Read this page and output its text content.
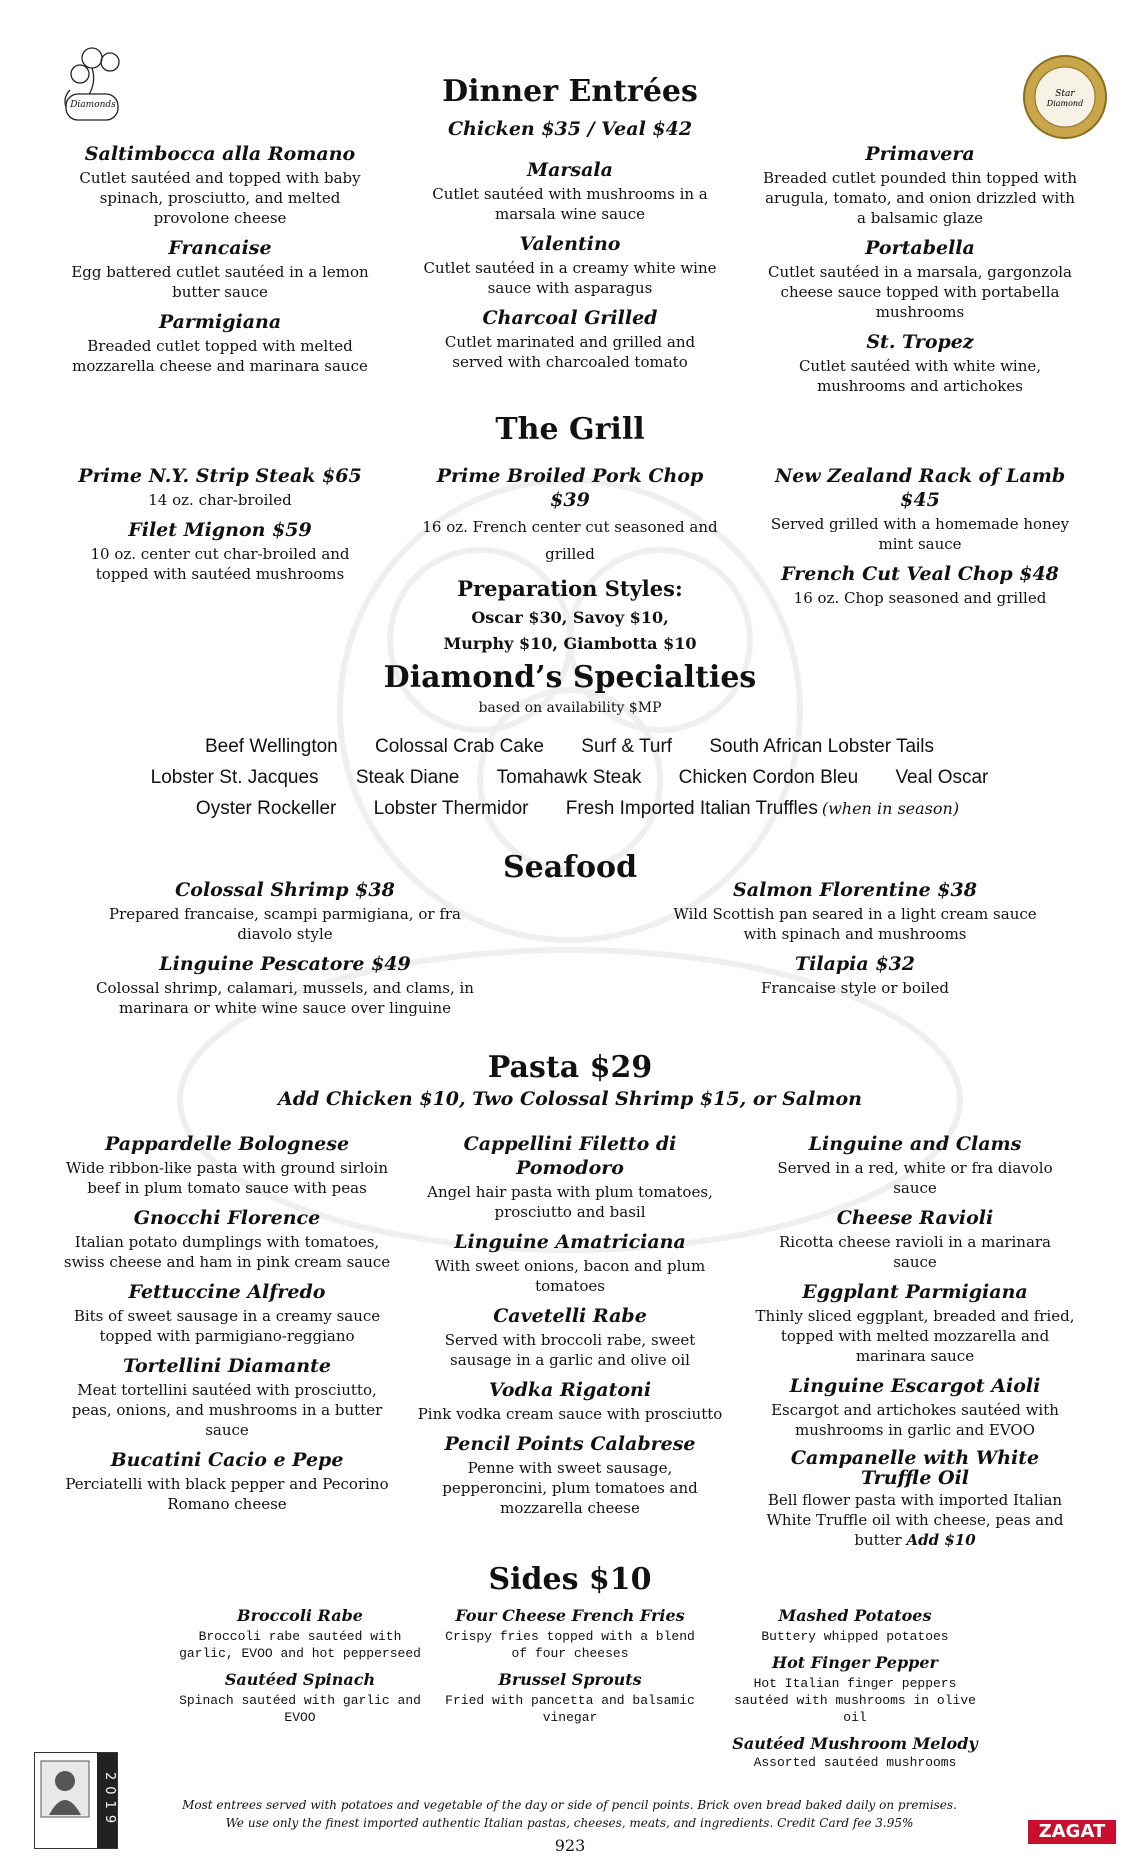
Diamonds
Star
Diamond
Dinner Entrées
Chicken $35 / Veal $42

Saltimbocca alla Romano

Cutlet sautéed and topped with baby spinach, prosciutto, and melted provolone cheese

Francaise

Egg battered cutlet sautéed in a lemon butter sauce

Parmigiana

Breaded cutlet topped with melted mozzarella cheese and marinara sauce

Marsala

Cutlet sautéed with mushrooms in a marsala wine sauce

Valentino

Cutlet sautéed in a creamy white wine sauce with asparagus

Charcoal Grilled

Cutlet marinated and grilled and served with charcoaled tomato

Primavera

Breaded cutlet pounded thin topped with arugula, tomato, and onion drizzled with a balsamic glaze

Portabella

Cutlet sautéed in a marsala, gargonzola cheese sauce topped with portabella mushrooms

St. Tropez

Cutlet sautéed with white wine, mushrooms and artichokes

The Grill

Prime N.Y. Strip Steak $65

14 oz. char-broiled

Filet Mignon $59

10 oz. center cut char-broiled and topped with sautéed mushrooms

Prime Broiled Pork Chop $39

16 oz. French center cut seasoned and grilled

Preparation Styles:

Oscar $30, Savoy $10,

Murphy $10, Giambotta $10

New Zealand Rack of Lamb $45

Served grilled with a homemade honey mint sauce

French Cut Veal Chop $48

16 oz. Chop seasoned and grilled

Diamond’s Specialties
based on availability $MP
Beef Wellington Colossal Crab Cake Surf & Turf South African Lobster Tails
Lobster St. Jacques Steak Diane Tomahawk Steak Chicken Cordon Bleu Veal Oscar
Oyster Rockeller Lobster Thermidor Fresh Imported Italian Truffles (when in season)
Seafood

Colossal Shrimp $38

Prepared francaise, scampi parmigiana, or fra diavolo style

Linguine Pescatore $49

Colossal shrimp, calamari, mussels, and clams, in marinara or white wine sauce over linguine

Salmon Florentine $38

Wild Scottish pan seared in a light cream sauce with spinach and mushrooms

Tilapia $32

Francaise style or boiled

Pasta $29
Add Chicken $10, Two Colossal Shrimp $15, or Salmon

Pappardelle Bolognese

Wide ribbon-like pasta with ground sirloin beef in plum tomato sauce with peas

Gnocchi Florence

Italian potato dumplings with tomatoes, swiss cheese and ham in pink cream sauce

Fettuccine Alfredo

Bits of sweet sausage in a creamy sauce topped with parmigiano-reggiano

Tortellini Diamante

Meat tortellini sautéed with prosciutto, peas, onions, and mushrooms in a butter sauce

Bucatini Cacio e Pepe

Perciatelli with black pepper and Pecorino Romano cheese

Cappellini Filetto di Pomodoro

Angel hair pasta with plum tomatoes, prosciutto and basil

Linguine Amatriciana

With sweet onions, bacon and plum tomatoes

Cavetelli Rabe

Served with broccoli rabe, sweet sausage in a garlic and olive oil

Vodka Rigatoni

Pink vodka cream sauce with prosciutto

Pencil Points Calabrese

Penne with sweet sausage, pepperoncini, plum tomatoes and mozzarella cheese

Linguine and Clams

Served in a red, white or fra diavolo sauce

Cheese Ravioli

Ricotta cheese ravioli in a marinara sauce

Eggplant Parmigiana

Thinly sliced eggplant, breaded and fried, topped with melted mozzarella and marinara sauce

Linguine Escargot Aioli

Escargot and artichokes sautéed with mushrooms in garlic and EVOO

Campanelle with White Truffle Oil

Bell flower pasta with imported Italian White Truffle oil with cheese, peas and butter Add $10

Sides $10

Broccoli Rabe

Broccoli rabe sautéed with garlic, EVOO and hot pepperseed

Sautéed Spinach

Spinach sautéed with garlic and EVOO

Four Cheese French Fries

Crispy fries topped with a blend of four cheeses

Brussel Sprouts

Fried with pancetta and balsamic vinegar

Mashed Potatoes

Buttery whipped potatoes

Hot Finger Pepper

Hot Italian finger peppers sautéed with mushrooms in olive oil

Sautéed Mushroom Melody

Assorted sautéed mushrooms

2019	Most entrees served with potatoes and vegetable of the day or side of pencil points. Brick oven bread baked daily on premises.
We use only the finest imported authentic Italian pastas, cheeses, meats, and ingredients. Credit Card fee 3.95%
923
ZAGAT
